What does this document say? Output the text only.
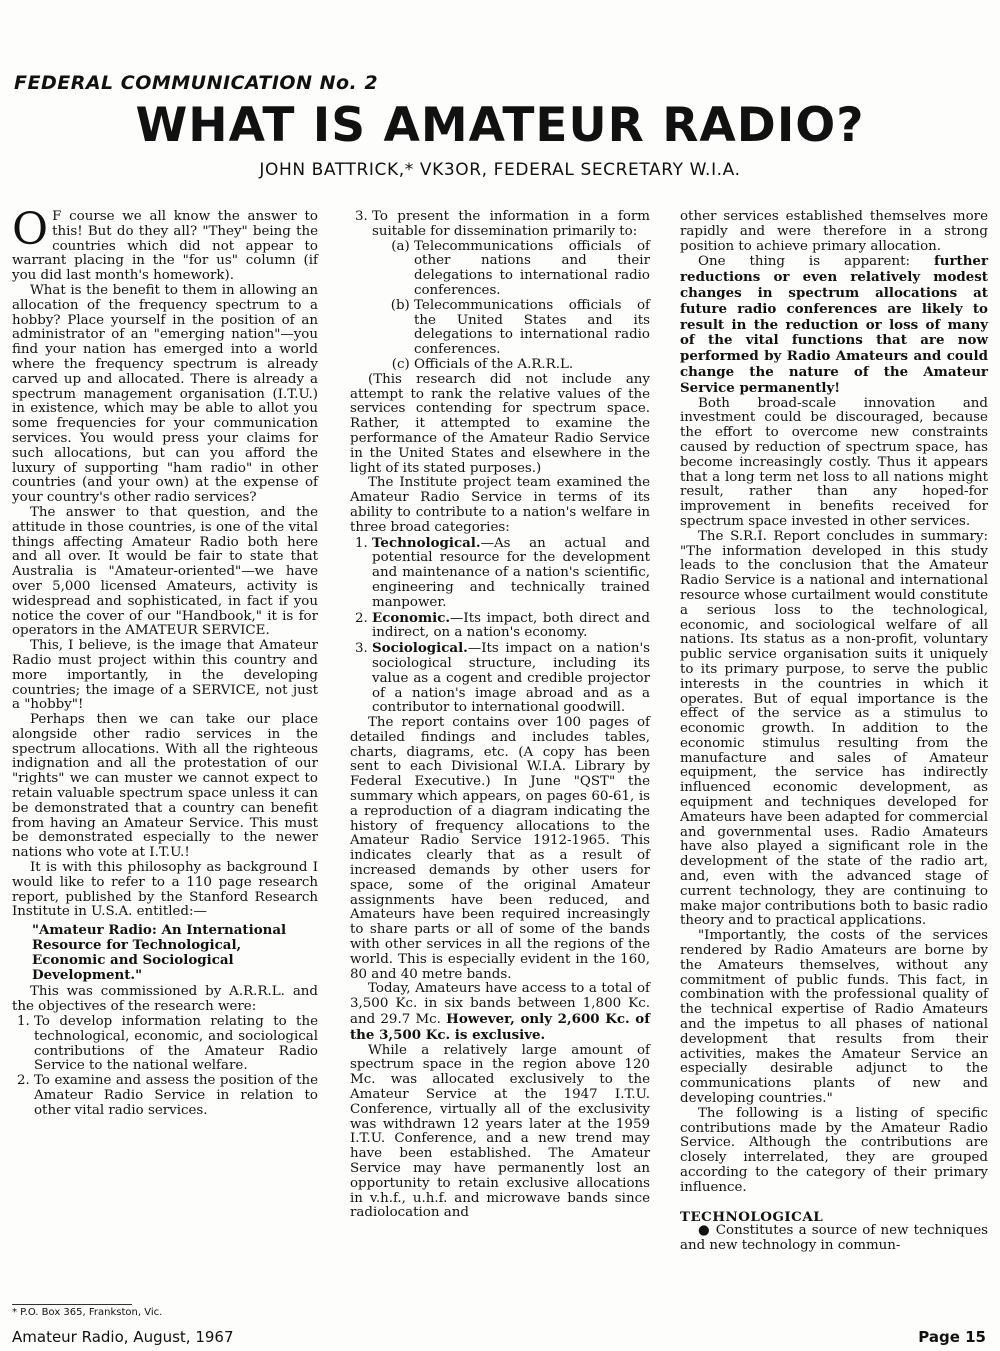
FEDERAL COMMUNICATION No. 2
WHAT IS AMATEUR RADIO?
JOHN BATTRICK,* VK3OR, FEDERAL SECRETARY W.I.A.

O F course we all know the answer to this! But do they all? "They" being the countries which did not appear to warrant placing in the "for us" column (if you did last month's homework).

What is the benefit to them in allowing an allocation of the frequency spectrum to a hobby? Place yourself in the position of an administrator of an "emerging nation"—you find your nation has emerged into a world where the frequency spectrum is already carved up and allocated. There is already a spectrum management organisation (I.T.U.) in existence, which may be able to allot you some frequencies for your communication services. You would press your claims for such allocations, but can you afford the luxury of supporting "ham radio" in other countries (and your own) at the expense of your country's other radio services?

The answer to that question, and the attitude in those countries, is one of the vital things affecting Amateur Radio both here and all over. It would be fair to state that Australia is "Amateur-oriented"—we have over 5,000 licensed Amateurs, activity is widespread and sophisticated, in fact if you notice the cover of our "Handbook," it is for operators in the AMATEUR SERVICE.

This, I believe, is the image that Amateur Radio must project within this country and more importantly, in the developing countries; the image of a SERVICE, not just a "hobby"!

Perhaps then we can take our place alongside other radio services in the spectrum allocations. With all the righteous indignation and all the protestation of our "rights" we can muster we cannot expect to retain valuable spectrum space unless it can be demonstrated that a country can benefit from having an Amateur Service. This must be demonstrated especially to the newer nations who vote at I.T.U.!

It is with this philosophy as background I would like to refer to a 110 page research report, published by the Stanford Research Institute in U.S.A. entitled:—

"Amateur Radio: An International Resource for Technological, Economic and Sociological Development."

This was commissioned by A.R.R.L. and the objectives of the research were:

1. To develop information relating to the technological, economic, and sociological contributions of the Amateur Radio Service to the national welfare.
2. To examine and assess the position of the Amateur Radio Service in relation to other vital radio services.
3. To present the information in a form suitable for dissemination primarily to:
a. Telecommunications officials of other nations and their delegations to international radio conferences.
b. Telecommunications officials of the United States and its delegations to international radio conferences.
c. Officials of the A.R.R.L.

(This research did not include any attempt to rank the relative values of the services contending for spectrum space. Rather, it attempted to examine the performance of the Amateur Radio Service in the United States and elsewhere in the light of its stated purposes.)

The Institute project team examined the Amateur Radio Service in terms of its ability to contribute to a nation's welfare in three broad categories:

1. Technological.—As an actual and potential resource for the development and maintenance of a nation's scientific, engineering and technically trained manpower.
2. Economic.—Its impact, both direct and indirect, on a nation's economy.
3. Sociological.—Its impact on a nation's sociological structure, including its value as a cogent and credible projector of a nation's image abroad and as a contributor to international goodwill.

The report contains over 100 pages of detailed findings and includes tables, charts, diagrams, etc. (A copy has been sent to each Divisional W.I.A. Library by Federal Executive.) In June "QST" the summary which appears, on pages 60-61, is a reproduction of a diagram indicating the history of frequency allocations to the Amateur Radio Service 1912-1965. This indicates clearly that as a result of increased demands by other users for space, some of the original Amateur assignments have been reduced, and Amateurs have been required increasingly to share parts or all of some of the bands with other services in all the regions of the world. This is especially evident in the 160, 80 and 40 metre bands.

Today, Amateurs have access to a total of 3,500 Kc. in six bands between 1,800 Kc. and 29.7 Mc. However, only 2,600 Kc. of the 3,500 Kc. is exclusive.

While a relatively large amount of spectrum space in the region above 120 Mc. was allocated exclusively to the Amateur Service at the 1947 I.T.U. Conference, virtually all of the exclusivity was withdrawn 12 years later at the 1959 I.T.U. Conference, and a new trend may have been established. The Amateur Service may have permanently lost an opportunity to retain exclusive allocations in v.h.f., u.h.f. and microwave bands since radiolocation and

other services established themselves more rapidly and were therefore in a strong position to achieve primary allocation.

One thing is apparent: further reductions or even relatively modest changes in spectrum allocations at future radio conferences are likely to result in the reduction or loss of many of the vital functions that are now performed by Radio Amateurs and could change the nature of the Amateur Service permanently!

Both broad-scale innovation and investment could be discouraged, because the effort to overcome new constraints caused by reduction of spectrum space, has become increasingly costly. Thus it appears that a long term net loss to all nations might result, rather than any hoped-for improvement in benefits received for spectrum space invested in other services.

The S.R.I. Report concludes in summary: "The information developed in this study leads to the conclusion that the Amateur Radio Service is a national and international resource whose curtailment would constitute a serious loss to the technological, economic, and sociological welfare of all nations. Its status as a non-profit, voluntary public service organisation suits it uniquely to its primary purpose, to serve the public interests in the countries in which it operates. But of equal importance is the effect of the service as a stimulus to economic growth. In addition to the economic stimulus resulting from the manufacture and sales of Amateur equipment, the service has indirectly influenced economic development, as equipment and techniques developed for Amateurs have been adapted for commercial and governmental uses. Radio Amateurs have also played a significant role in the development of the state of the radio art, and, even with the advanced stage of current technology, they are continuing to make major contributions both to basic radio theory and to practical applications.

"Importantly, the costs of the services rendered by Radio Amateurs are borne by the Amateurs themselves, without any commitment of public funds. This fact, in combination with the professional quality of the technical expertise of Radio Amateurs and the impetus to all phases of national development that results from their activities, makes the Amateur Service an especially desirable adjunct to the communications plants of new and developing countries."

The following is a listing of specific contributions made by the Amateur Radio Service. Although the contributions are closely interrelated, they are grouped according to the category of their primary influence.

TECHNOLOGICAL

● Constitutes a source of new techniques and new technology in commun-

* P.O. Box 365, Frankston, Vic.
Amateur Radio, August, 1967	Page 15
